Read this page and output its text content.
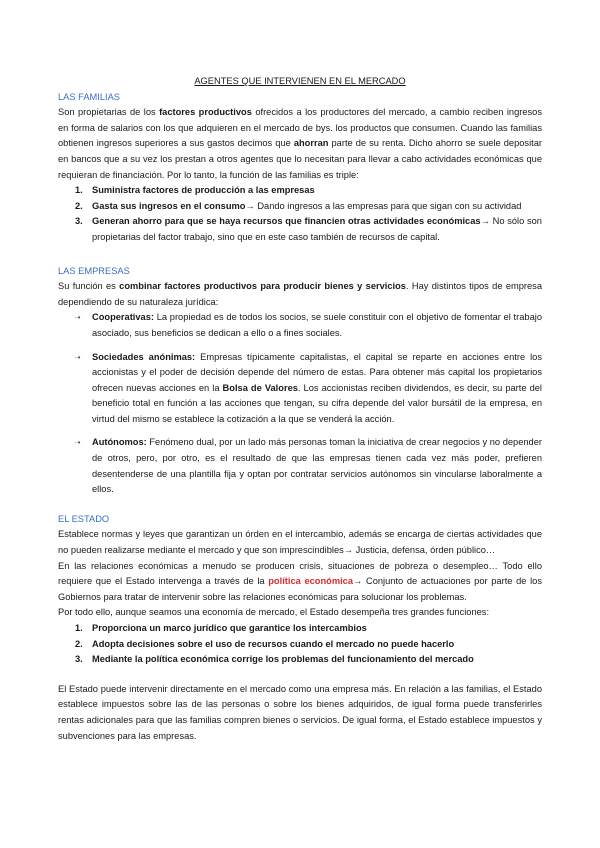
AGENTES QUE INTERVIENEN EN EL MERCADO
LAS FAMILIAS

Son propietarias de los factores productivos ofrecidos a los productores del mercado, a cambio reciben ingresos en forma de salarios con los que adquieren en el mercado de bys. los productos que consumen. Cuando las familias obtienen ingresos superiores a sus gastos decimos que ahorran parte de su renta. Dicho ahorro se suele depositar en bancos que a su vez los prestan a otros agentes que lo necesitan para llevar a cabo actividades económicas que requieran de financiación. Por lo tanto, la función de las familias es triple:

1. Suministra factores de producción a las empresas
2. Gasta sus ingresos en el consumo→ Dando ingresos a las empresas para que sigan con su actividad
3. Generan ahorro para que se haya recursos que financien otras actividades económicas→ No sólo son propietarias del factor trabajo, sino que en este caso también de recursos de capital.
LAS EMPRESAS

Su función es combinar factores productivos para producir bienes y servicios. Hay distintos tipos de empresa dependiendo de su naturaleza jurídica:

➝ Cooperativas: La propiedad es de todos los socios, se suele constituir con el objetivo de fomentar el trabajo asociado, sus beneficios se dedican a ello o a fines sociales.
➝ Sociedades anónimas: Empresas típicamente capitalistas, el capital se reparte en acciones entre los accionistas y el poder de decisión depende del número de estas. Para obtener más capital los propietarios ofrecen nuevas acciones en la Bolsa de Valores. Los accionistas reciben dividendos, es decir, su parte del beneficio total en función a las acciones que tengan, su cifra depende del valor bursátil de la empresa, en virtud del mismo se establece la cotización a la que se venderá la acción.
➝ Autónomos: Fenómeno dual, por un lado más personas toman la iniciativa de crear negocios y no depender de otros, pero, por otro, es el resultado de que las empresas tienen cada vez más poder, prefieren desentenderse de una plantilla fija y optan por contratar servicios autónomos sin vincularse laboralmente a ellos.
EL ESTADO

Establece normas y leyes que garantizan un órden en el intercambio, además se encarga de ciertas actividades que no pueden realizarse mediante el mercado y que son imprescindibles→ Justicia, defensa, órden público…

En las relaciones económicas a menudo se producen crisis, situaciones de pobreza o desempleo… Todo ello requiere que el Estado intervenga a través de la política económica→ Conjunto de actuaciones por parte de los Gobiernos para tratar de intervenir sobre las relaciones económicas para solucionar los problemas.

Por todo ello, aunque seamos una economía de mercado, el Estado desempeña tres grandes funciones:

1. Proporciona un marco jurídico que garantice los intercambios
2. Adopta decisiones sobre el uso de recursos cuando el mercado no puede hacerlo
3. Mediante la política económica corrige los problemas del funcionamiento del mercado

El Estado puede intervenir directamente en el mercado como una empresa más. En relación a las familias, el Estado establece impuestos sobre las de las personas o sobre los bienes adquiridos, de igual forma puede transferirles rentas adicionales para que las familias compren bienes o servicios. De igual forma, el Estado establece impuestos y subvenciones para las empresas.
